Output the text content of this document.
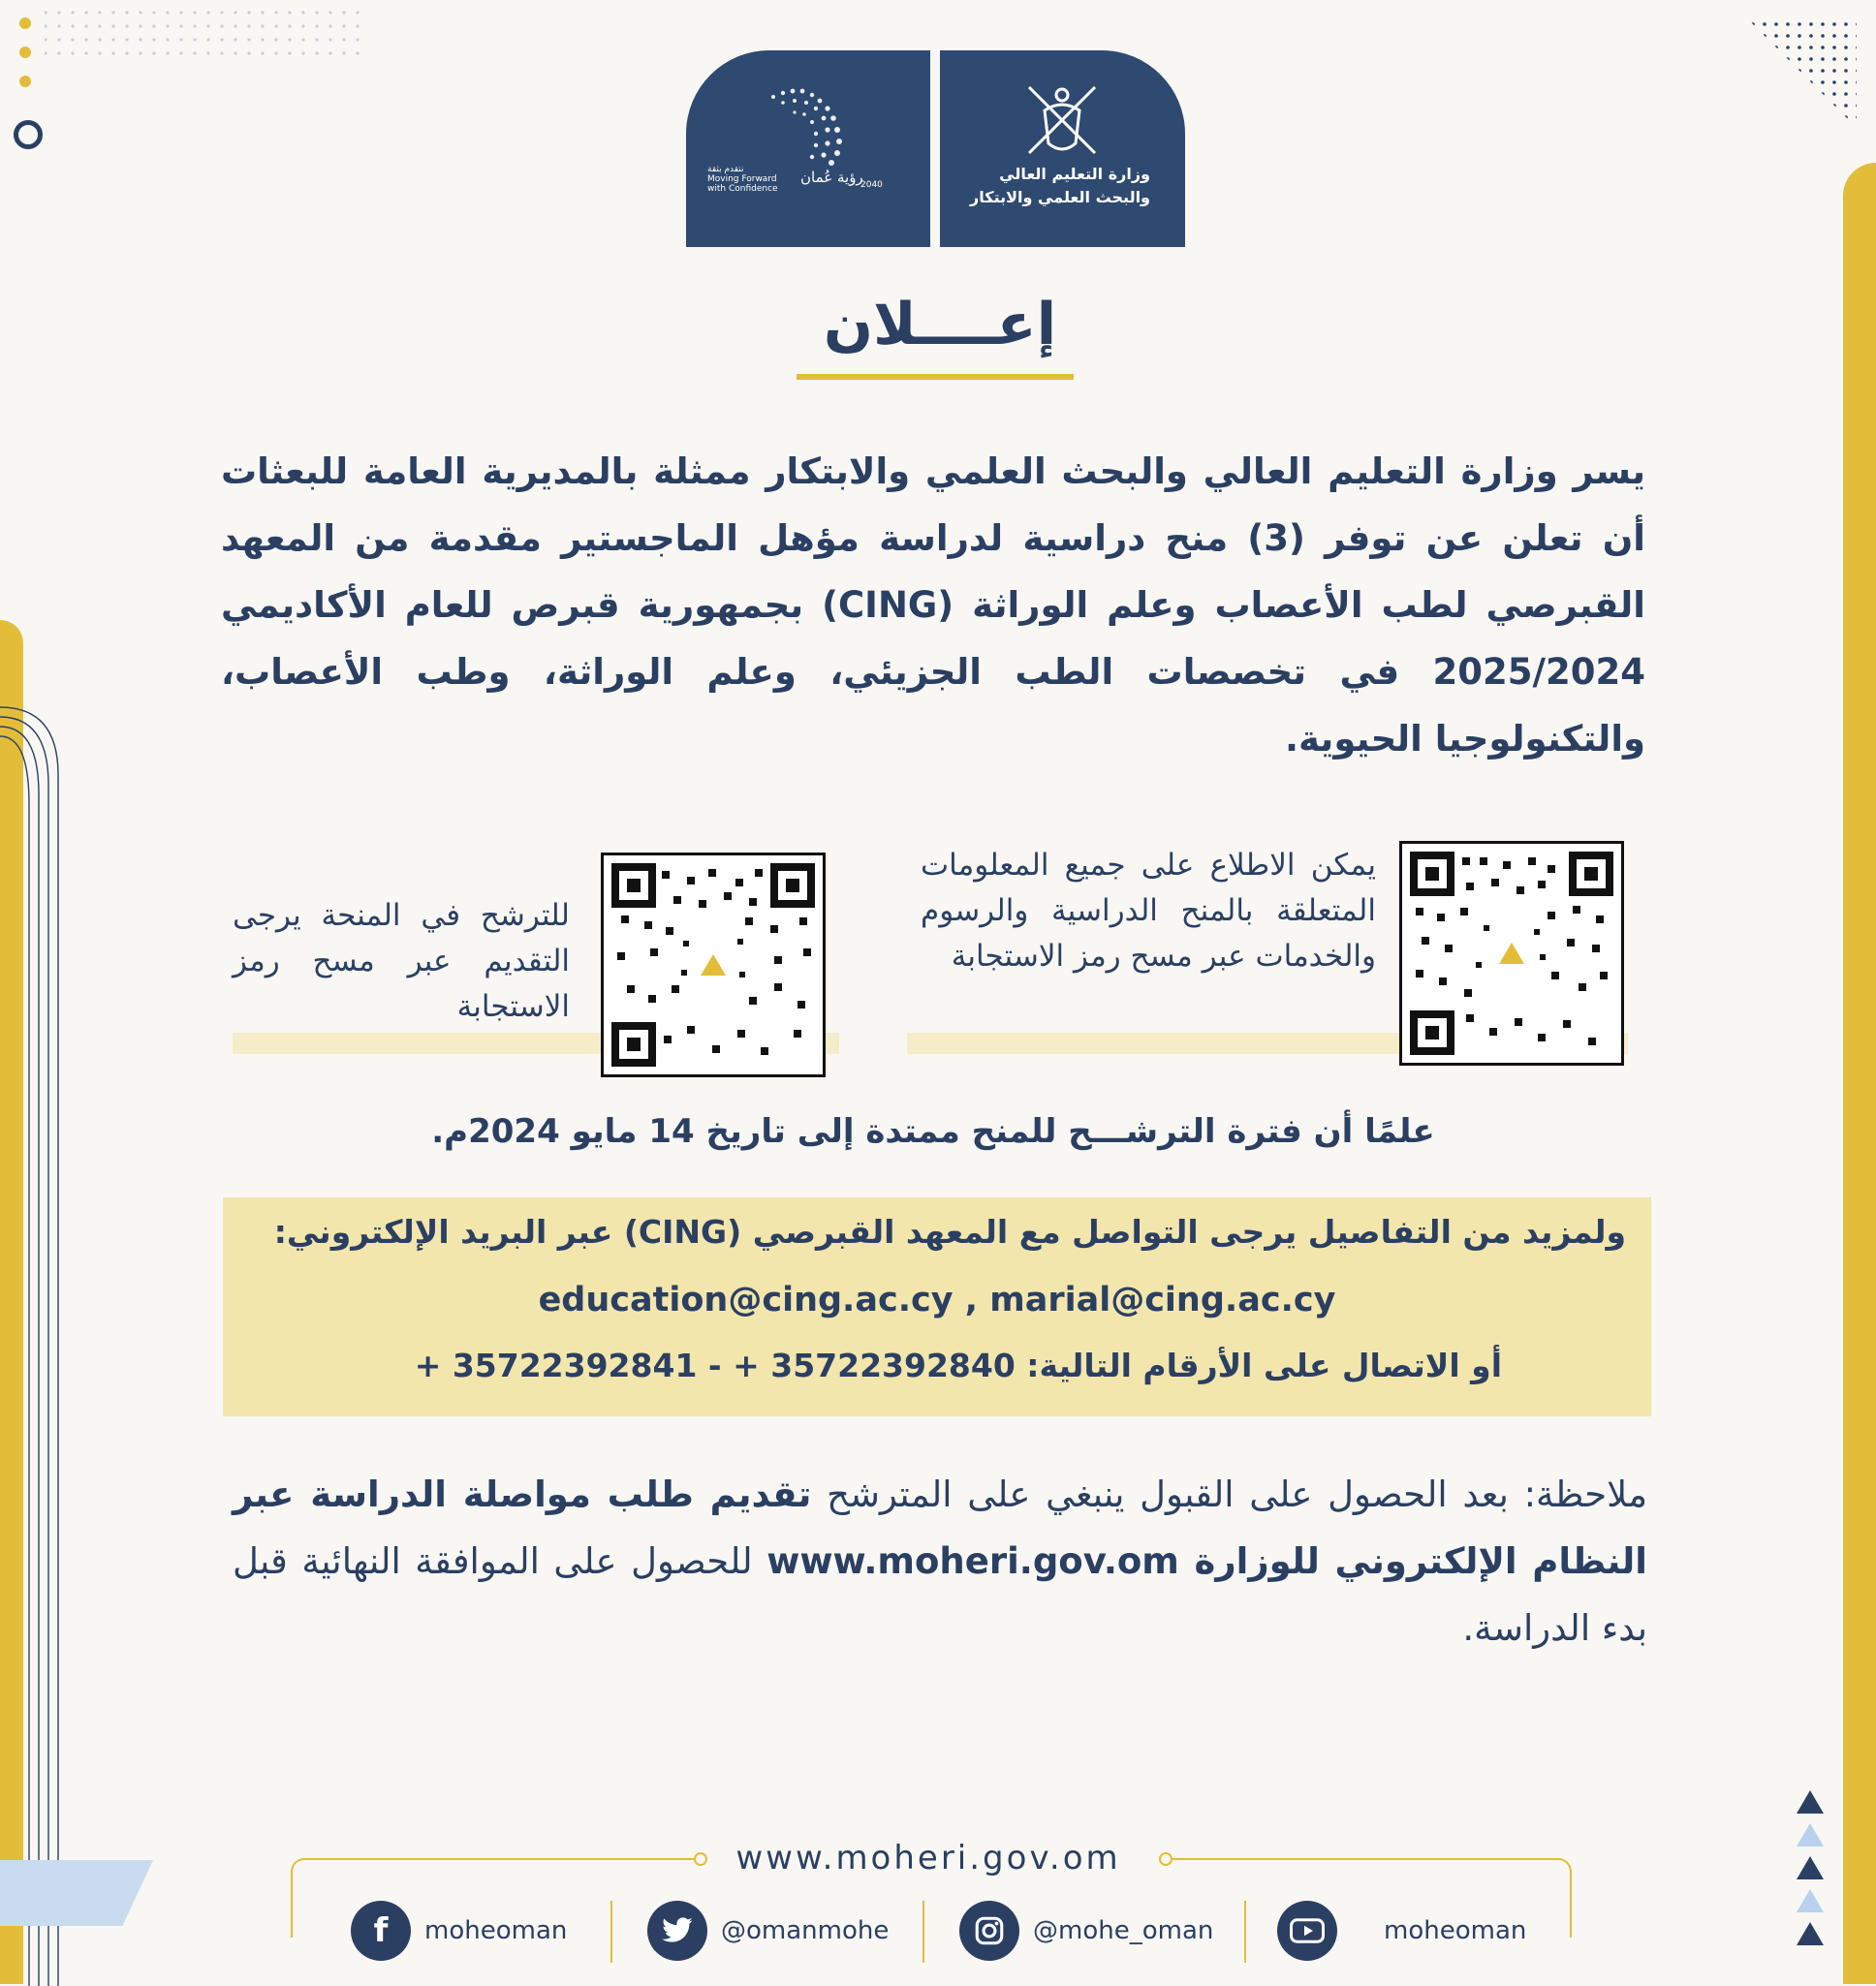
رؤية عُمان
2040
نتقدم بثقة
Moving Forward
with Confidence
وزارة التعليم العالي
والبحث العلمي والابتكار
إعــــلان
يسر وزارة التعليم العالي والبحث العلمي والابتكار ممثلة بالمديرية العامة للبعثات أن تعلن عن توفر (3) منح دراسية لدراسة مؤهل الماجستير مقدمة من المعهد القبرصي لطب الأعصاب وعلم الوراثة (CING) بجمهورية قبرص للعام الأكاديمي 2025/2024 في تخصصات الطب الجزيئي، وعلم الوراثة، وطب الأعصاب، والتكنولوجيا الحيوية.
يمكن الاطلاع على جميع المعلومات المتعلقة بالمنح الدراسية والرسوم والخدمات عبر مسح رمز الاستجابة
للترشح في المنحة يرجى التقديم عبر مسح رمز الاستجابة
علمًا أن فترة الترشـــح للمنح ممتدة إلى تاريخ 14 مايو 2024م.
ولمزيد من التفاصيل يرجى التواصل مع المعهد القبرصي (CING) عبر البريد الإلكتروني:
education@cing.ac.cy , marial@cing.ac.cy
أو الاتصال على الأرقام التالية: 35722392840 + - 35722392841 +
ملاحظة: بعد الحصول على القبول ينبغي على المترشح تقديم طلب مواصلة الدراسة عبر النظام الإلكتروني للوزارة www.moheri.gov.om للحصول على الموافقة النهائية قبل بدء الدراسة.
www.moheri.gov.om
f	moheoman	@omanmohe	@mohe_oman	moheoman
